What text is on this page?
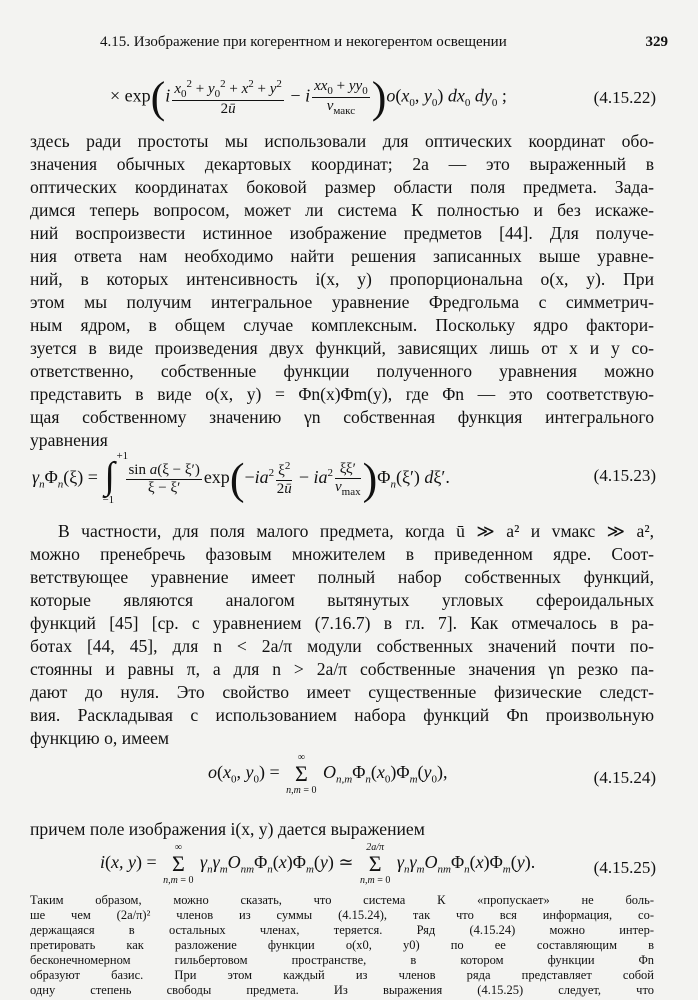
4.15. Изображение при когерентном и некогерентом освещении	329
× $\exp(i \frac{x_0^2 + y_0^2 + x^2 + y^2}{2ū} - i \frac{xx_0 + yy_0}{v_{макс}} )o(x_0$, $y_0$) $dx_0$ $dy_0$ ;	(4.15.22)
здесь ради простоты мы использовали для оптических координат обо-
значения обычных декартовых координат; 2a — это выраженный в
оптических координатах боковой размер области поля предмета. Зада-
димся теперь вопросом, может ли система К полностью и без искаже-
ний воспроизвести истинное изображение предметов [44]. Для получе-
ния ответа нам необходимо найти решения записанных выше уравне-
ний, в которых интенсивность i(x, y) пропорциональна o(x, y). При
этом мы получим интегральное уравнение Фредгольма с симметрич-
ным ядром, в общем случае комплексным. Поскольку ядро фактори-
зуется в виде произведения двух функций, зависящих лишь от x и y со-
ответственно, собственные функции полученного уравнения можно
представить в виде o(x, y) = Φn(x)Φm(y), где Φn — это соответствую-
щая собственному значению γn собственная функция интегрального
уравнения
$\gamma_n\Phi_n(\xi)$ = ∫ +1
−1
$\frac{\text{sin a(ξ − ξ′)}}{\xi - \xi'} \exp(-ia^2 \frac{\xi^2}{2ū} - ia^2 \frac{\xi\xi'}{v_{max}} )\Phi_n(\xi')$ dξ′.	(4.15.23)
В частности, для поля малого предмета, когда ū ≫ a² и vмакс ≫ a²,
можно пренебречь фазовым множителем в приведенном ядре. Соот-
ветствующее уравнение имеет полный набор собственных функций,
которые являются аналогом вытянутых угловых сфероидальных
функций [45] [ср. с уравнением (7.16.7) в гл. 7]. Как отмечалось в ра-
ботах [44, 45], для n < 2a/π модули собственных значений почти по-
стоянны и равны π, а для n > 2a/π собственные значения γn резко па-
дают до нуля. Это свойство имеет существенные физические следст-
вия. Раскладывая с использованием набора функций Φn произвольную
функцию o, имеем
$o(x_0$, $y_0$) = ∞
Σ
n,m = 0 $O_{n,m}\Phi_n(x_0)\Phi_m(y_0)$,	(4.15.24)
причем поле изображения i(x, y) дается выражением
i(x, y) = ∞
Σ
n,m = 0 $\gamma_n\gamma_mO_{nm}\Phi_n(x)\Phi_m(y)$ ≃ 2a/π
Σ
n,m = 0 $\gamma_n\gamma_mO_{nm}\Phi_n(x)\Phi_m(y)$.	(4.15.25)
Таким образом, можно сказать, что система К «пропускает» не боль-
ше чем (2a/π)² членов из суммы (4.15.24), так что вся информация, со-
держащаяся в остальных членах, теряется. Ряд (4.15.24) можно интер-
претировать как разложение функции o(x0, y0) по ее составляющим в
бесконечномерном гильбертовом пространстве, в котором функции Φn
образуют базис. При этом каждый из членов ряда представляет собой
одну степень свободы предмета. Из выражения (4.15.25) следует, что
